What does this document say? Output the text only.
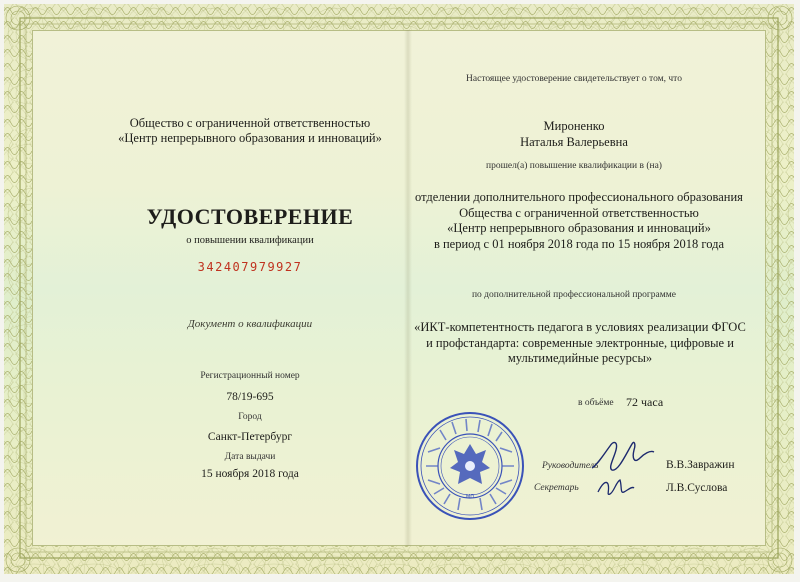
Общество с ограниченной ответственностью
«Центр непрерывного образования и инноваций»
УДОСТОВЕРЕНИЕ
о повышении квалификации
342407979927
Документ о квалификации
Регистрационный номер
78/19-695
Город
Санкт-Петербург
Дата выдачи
15 ноября 2018 года
Настоящее удостоверение свидетельствует о том, что
Мироненко
Наталья Валерьевна
прошел(а) повышение квалификации в (на)
отделении дополнительного профессионального образования
Общества с ограниченной ответственностью
«Центр непрерывного образования и инноваций»
в период с 01 ноября 2018 года по 15 ноября 2018 года
по дополнительной профессиональной программе
«ИКТ-компетентность педагога в условиях реализации ФГОС
и профстандарта: современные электронные, цифровые и
мультимедийные ресурсы»
в объёме 72 часа
МП
Руководитель	В.В.Завражин
Секретарь	Л.В.Суслова
